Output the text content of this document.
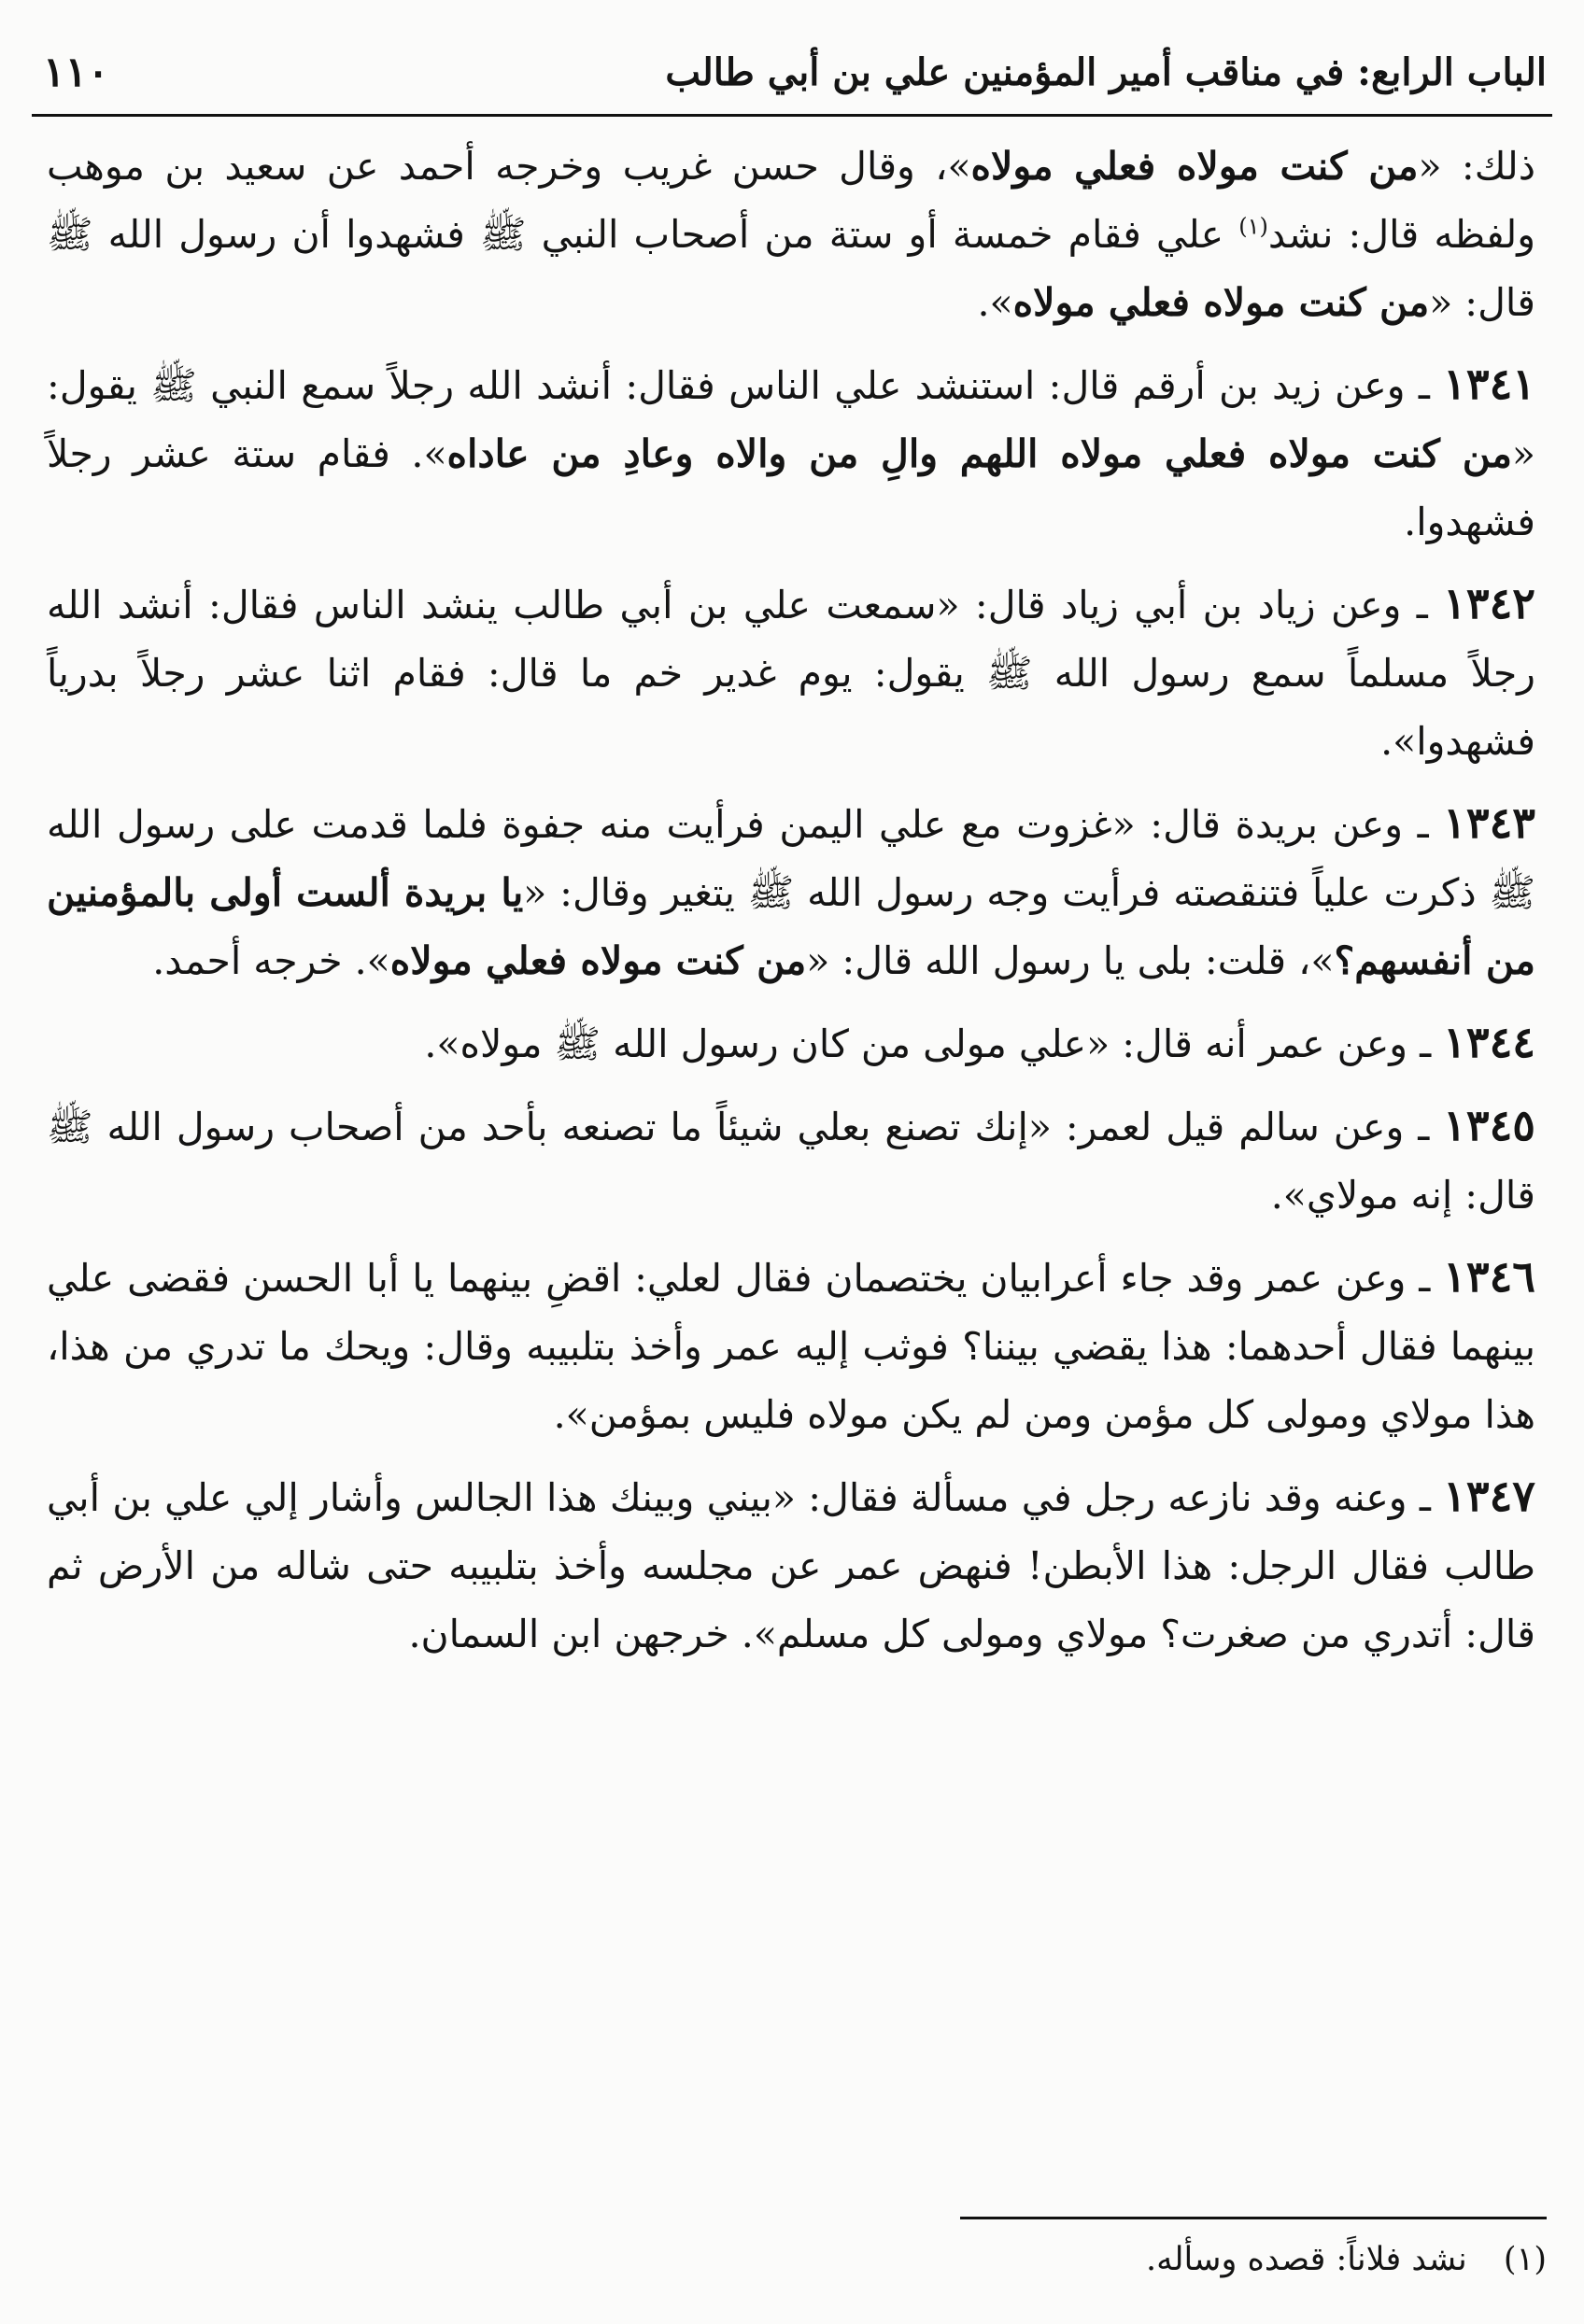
الباب الرابع: في مناقب أمير المؤمنين علي بن أبي طالب
١١٠

ذلك: «من كنت مولاه فعلي مولاه»، وقال حسن غريب وخرجه أحمد عن سعيد بن موهب ولفظه قال: نشد$^{(١)}$ علي فقام خمسة أو ستة من أصحاب النبي ﷺ فشهدوا أن رسول الله ﷺ قال: «من كنت مولاه فعلي مولاه».

١٣٤١ ـ وعن زيد بن أرقم قال: استنشد علي الناس فقال: أنشد الله رجلاً سمع النبي ﷺ يقول: «من كنت مولاه فعلي مولاه اللهم والِ من والاه وعادِ من عاداه». فقام ستة عشر رجلاً فشهدوا.

١٣٤٢ ـ وعن زياد بن أبي زياد قال: «سمعت علي بن أبي طالب ينشد الناس فقال: أنشد الله رجلاً مسلماً سمع رسول الله ﷺ يقول: يوم غدير خم ما قال: فقام اثنا عشر رجلاً بدرياً فشهدوا».

١٣٤٣ ـ وعن بريدة قال: «غزوت مع علي اليمن فرأيت منه جفوة فلما قدمت على رسول الله ﷺ ذكرت علياً فتنقصته فرأيت وجه رسول الله ﷺ يتغير وقال: «يا بريدة ألست أولى بالمؤمنين من أنفسهم؟»، قلت: بلى يا رسول الله قال: «من كنت مولاه فعلي مولاه». خرجه أحمد.

١٣٤٤ ـ وعن عمر أنه قال: «علي مولى من كان رسول الله ﷺ مولاه».

١٣٤٥ ـ وعن سالم قيل لعمر: «إنك تصنع بعلي شيئاً ما تصنعه بأحد من أصحاب رسول الله ﷺ قال: إنه مولاي».

١٣٤٦ ـ وعن عمر وقد جاء أعرابيان يختصمان فقال لعلي: اقضِ بينهما يا أبا الحسن فقضى علي بينهما فقال أحدهما: هذا يقضي بيننا؟ فوثب إليه عمر وأخذ بتلبيبه وقال: ويحك ما تدري من هذا، هذا مولاي ومولى كل مؤمن ومن لم يكن مولاه فليس بمؤمن».

١٣٤٧ ـ وعنه وقد نازعه رجل في مسألة فقال: «بيني وبينك هذا الجالس وأشار إلي علي بن أبي طالب فقال الرجل: هذا الأبطن! فنهض عمر عن مجلسه وأخذ بتلبيبه حتى شاله من الأرض ثم قال: أتدري من صغرت؟ مولاي ومولى كل مسلم». خرجهن ابن السمان.

(١) نشد فلاناً: قصده وسأله.
